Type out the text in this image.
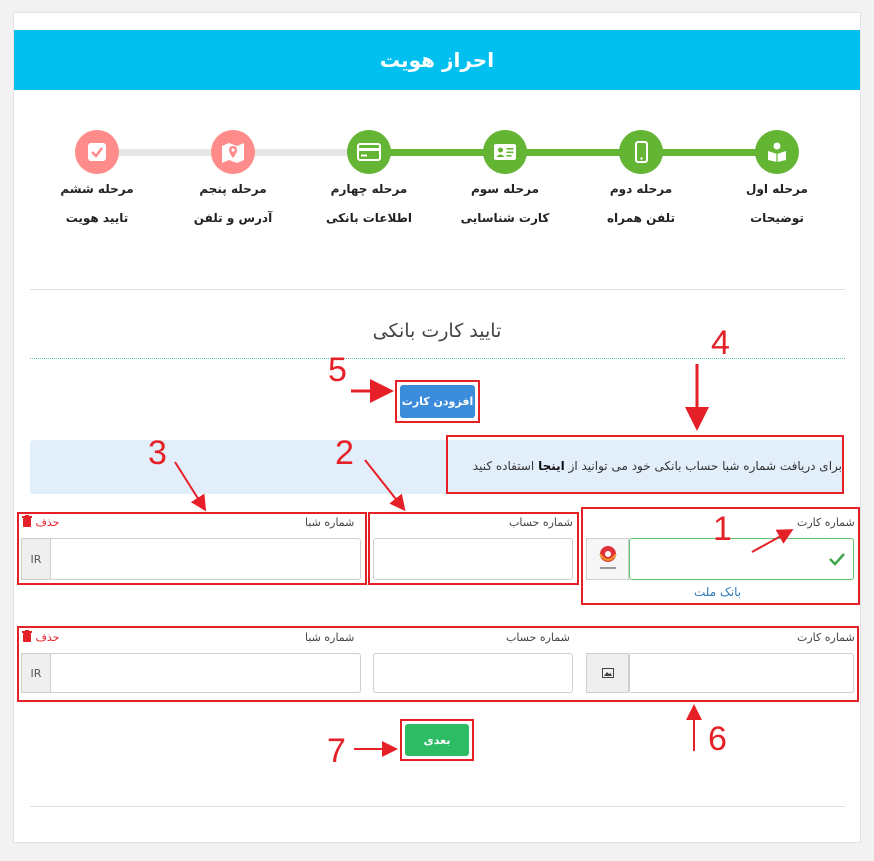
احراز هویت
مرحله اول
توضیحات
مرحله دوم
تلفن همراه
مرحله سوم
کارت شناسایی
مرحله چهارم
اطلاعات بانکی
مرحله پنجم
آدرس و تلفن
مرحله ششم
تایید هویت
تایید کارت بانکی
افزودن کارت
برای دریافت شماره شبا حساب بانکی خود می توانید از اینجا استفاده کنید
شماره کارت
بانک ملت
شماره حساب
شماره شبا
حذف
IR
شماره کارت
شماره حساب
شماره شبا
حذف
IR
بعدی
1
2
3
4
5
6
7
